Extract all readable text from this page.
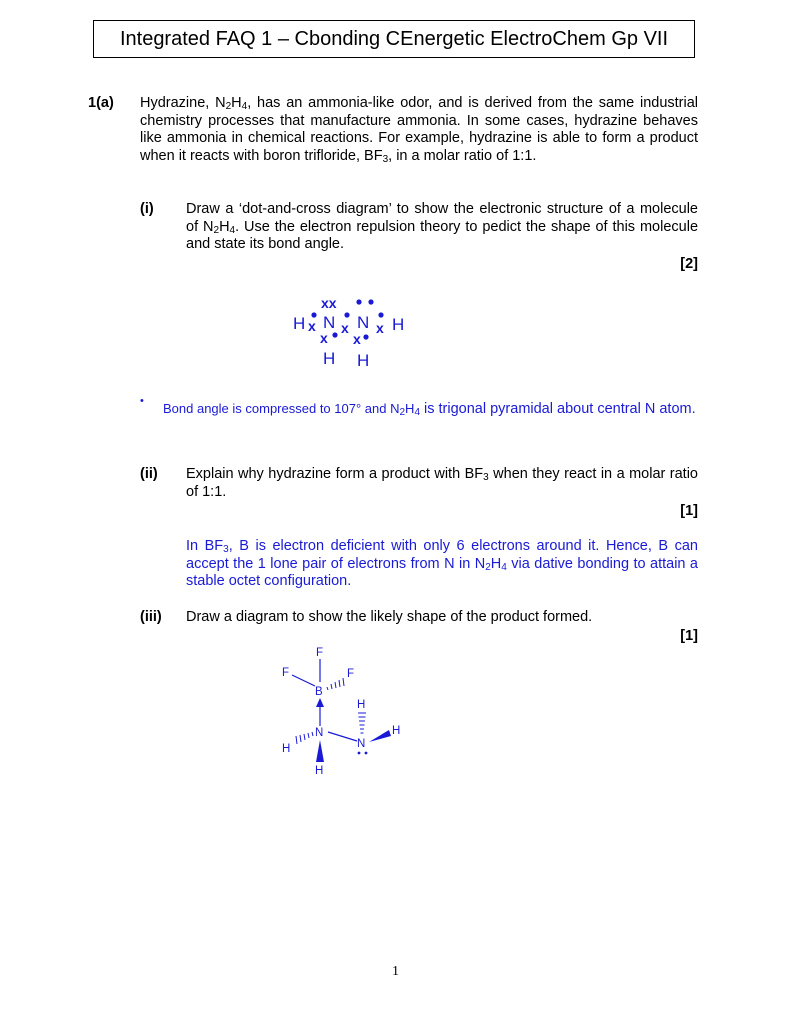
Integrated FAQ 1 – Cbonding CEnergetic ElectroChem Gp VII
1(a) Hydrazine, $N_2H_4$, has an ammonia-like odor, and is derived from the same industrial chemistry processes that manufacture ammonia. In some cases, hydrazine behaves like ammonia in chemical reactions. For example, hydrazine is able to form a product when it reacts with boron trifloride, $BF_3$, in a molar ratio of 1:1.
(i) Draw a ‘dot-and-cross diagram’ to show the electronic structure of a molecule of $N_2H_4$. Use the electron repulsion theory to pedict the shape of this molecule and state its bond angle.
[2]
xx
H x N x N x H
x x
H H
• Bond angle is compressed to 107° and $N_2H_4$ is trigonal pyramidal about central N atom.
(ii) Explain why hydrazine form a product with $BF_3$ when they react in a molar ratio of 1:1.
[1]
In $BF_3$, B is electron deficient with only 6 electrons around it. Hence, B can accept the 1 lone pair of electrons from N in $N_2H_4$ via dative bonding to attain a stable octet configuration.
(iii) Draw a diagram to show the likely shape of the product formed.
[1]
F
F
B
F
N
H
H
N
H
H
1
